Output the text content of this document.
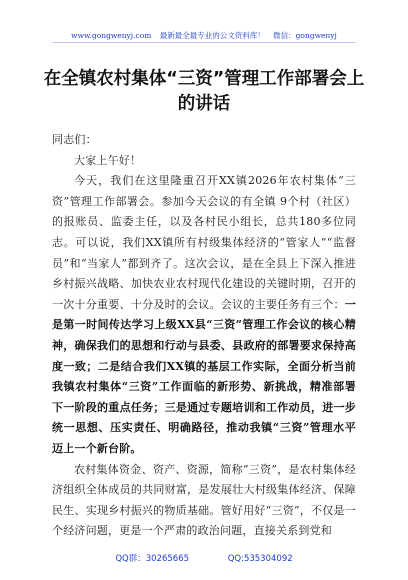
www.gongwenyj.com 最新最全最专业的公文资料库！ 微信：gongwenyj
在全镇农村集体“三资”管理工作部署会上的讲话

同志们：

大家上午好！

今天，我们在这里隆重召开XX镇2026年农村集体“三资”管理工作部署会。参加今天会议的有全镇 9个村（社区）的报账员、监委主任，以及各村民小组长，总共180多位同志。可以说，我们XX镇所有村级集体经济的“管家人”“监督员”和“当家人”都到齐了。这次会议，是在全县上下深入推进乡村振兴战略、加快农业农村现代化建设的关键时期，召开的一次十分重要、十分及时的会议。会议的主要任务有三个：一是第一时间传达学习上级XX县“三资”管理工作会议的核心精神，确保我们的思想和行动与县委、县政府的部署要求保持高度一致；二是结合我们XX镇的基层工作实际，全面分析当前我镇农村集体“三资”工作面临的新形势、新挑战，精准部署下一阶段的重点任务；三是通过专题培训和工作动员，进一步统一思想、压实责任、明确路径，推动我镇“三资”管理水平迈上一个新台阶。

农村集体资金、资产、资源，简称“三资”，是农村集体经济组织全体成员的共同财富，是发展壮大村级集体经济、保障民生、实现乡村振兴的物质基础。管好用好“三资”，不仅是一个经济问题，更是一个严肃的政治问题，直接关系到党和

QQ群：30265665	QQ:535304092
